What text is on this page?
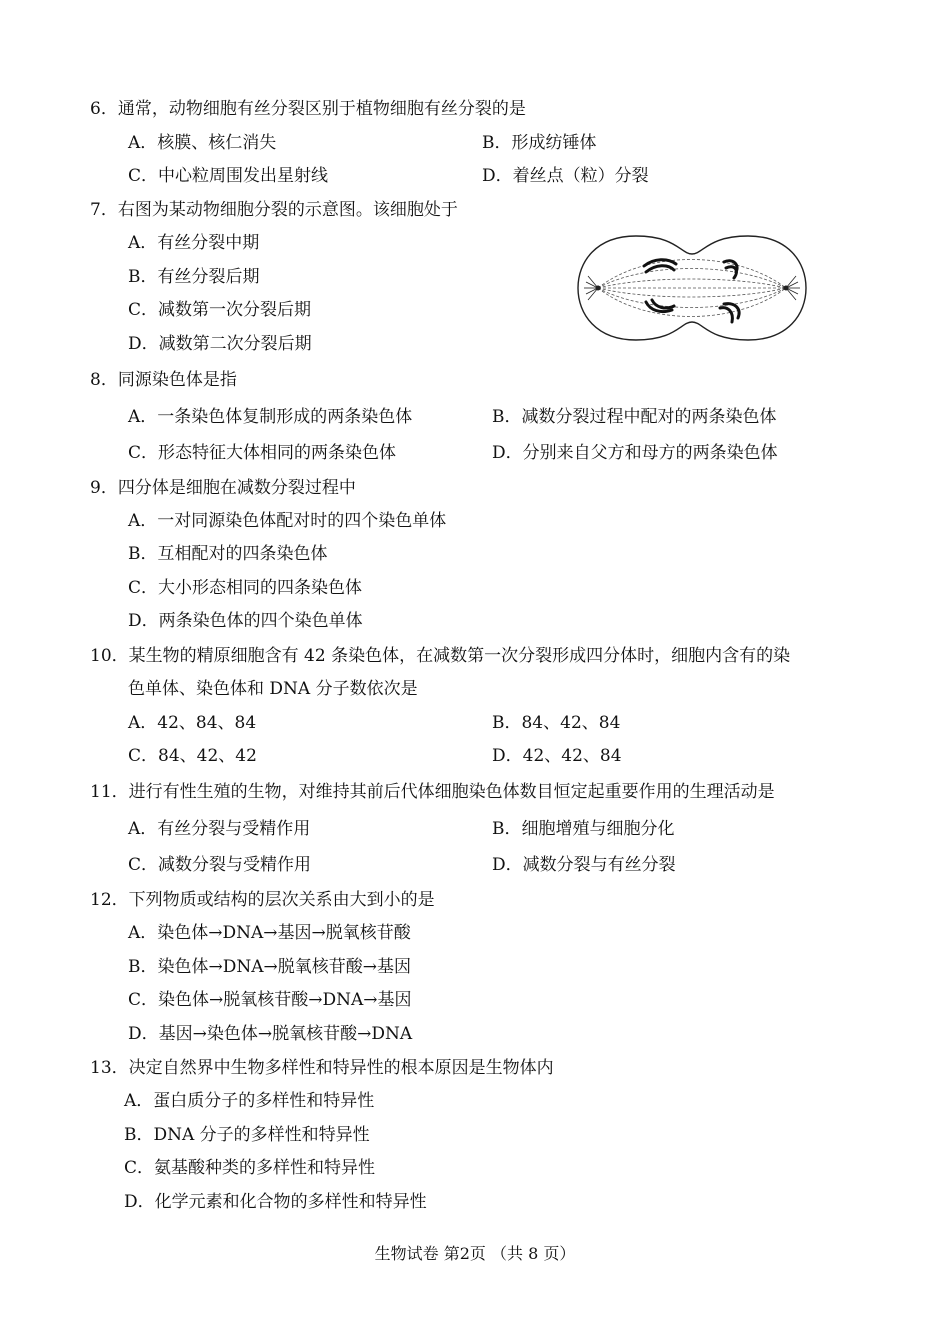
6．通常，动物细胞有丝分裂区别于植物细胞有丝分裂的是
A．核膜、核仁消失	B．形成纺锤体
C．中心粒周围发出星射线	D．着丝点（粒）分裂
7．右图为某动物细胞分裂的示意图。该细胞处于
A．有丝分裂中期
B．有丝分裂后期
C．减数第一次分裂后期
D．减数第二次分裂后期
8．同源染色体是指
A．一条染色体复制形成的两条染色体	B．减数分裂过程中配对的两条染色体
C．形态特征大体相同的两条染色体	D．分别来自父方和母方的两条染色体
9．四分体是细胞在减数分裂过程中
A．一对同源染色体配对时的四个染色单体
B．互相配对的四条染色体
C．大小形态相同的四条染色体
D．两条染色体的四个染色单体
10．某生物的精原细胞含有 42 条染色体，在减数第一次分裂形成四分体时，细胞内含有的染
色单体、染色体和 DNA 分子数依次是
A．42、84、84	B．84、42、84
C．84、42、42	D．42、42、84
11．进行有性生殖的生物，对维持其前后代体细胞染色体数目恒定起重要作用的生理活动是
A．有丝分裂与受精作用	B．细胞增殖与细胞分化
C．减数分裂与受精作用	D．减数分裂与有丝分裂
12．下列物质或结构的层次关系由大到小的是
A．染色体→DNA→基因→脱氧核苷酸
B．染色体→DNA→脱氧核苷酸→基因
C．染色体→脱氧核苷酸→DNA→基因
D．基因→染色体→脱氧核苷酸→DNA
13．决定自然界中生物多样性和特异性的根本原因是生物体内
A．蛋白质分子的多样性和特异性
B．DNA 分子的多样性和特异性
C．氨基酸种类的多样性和特异性
D．化学元素和化合物的多样性和特异性
生物试卷 第2页 （共 8 页）
